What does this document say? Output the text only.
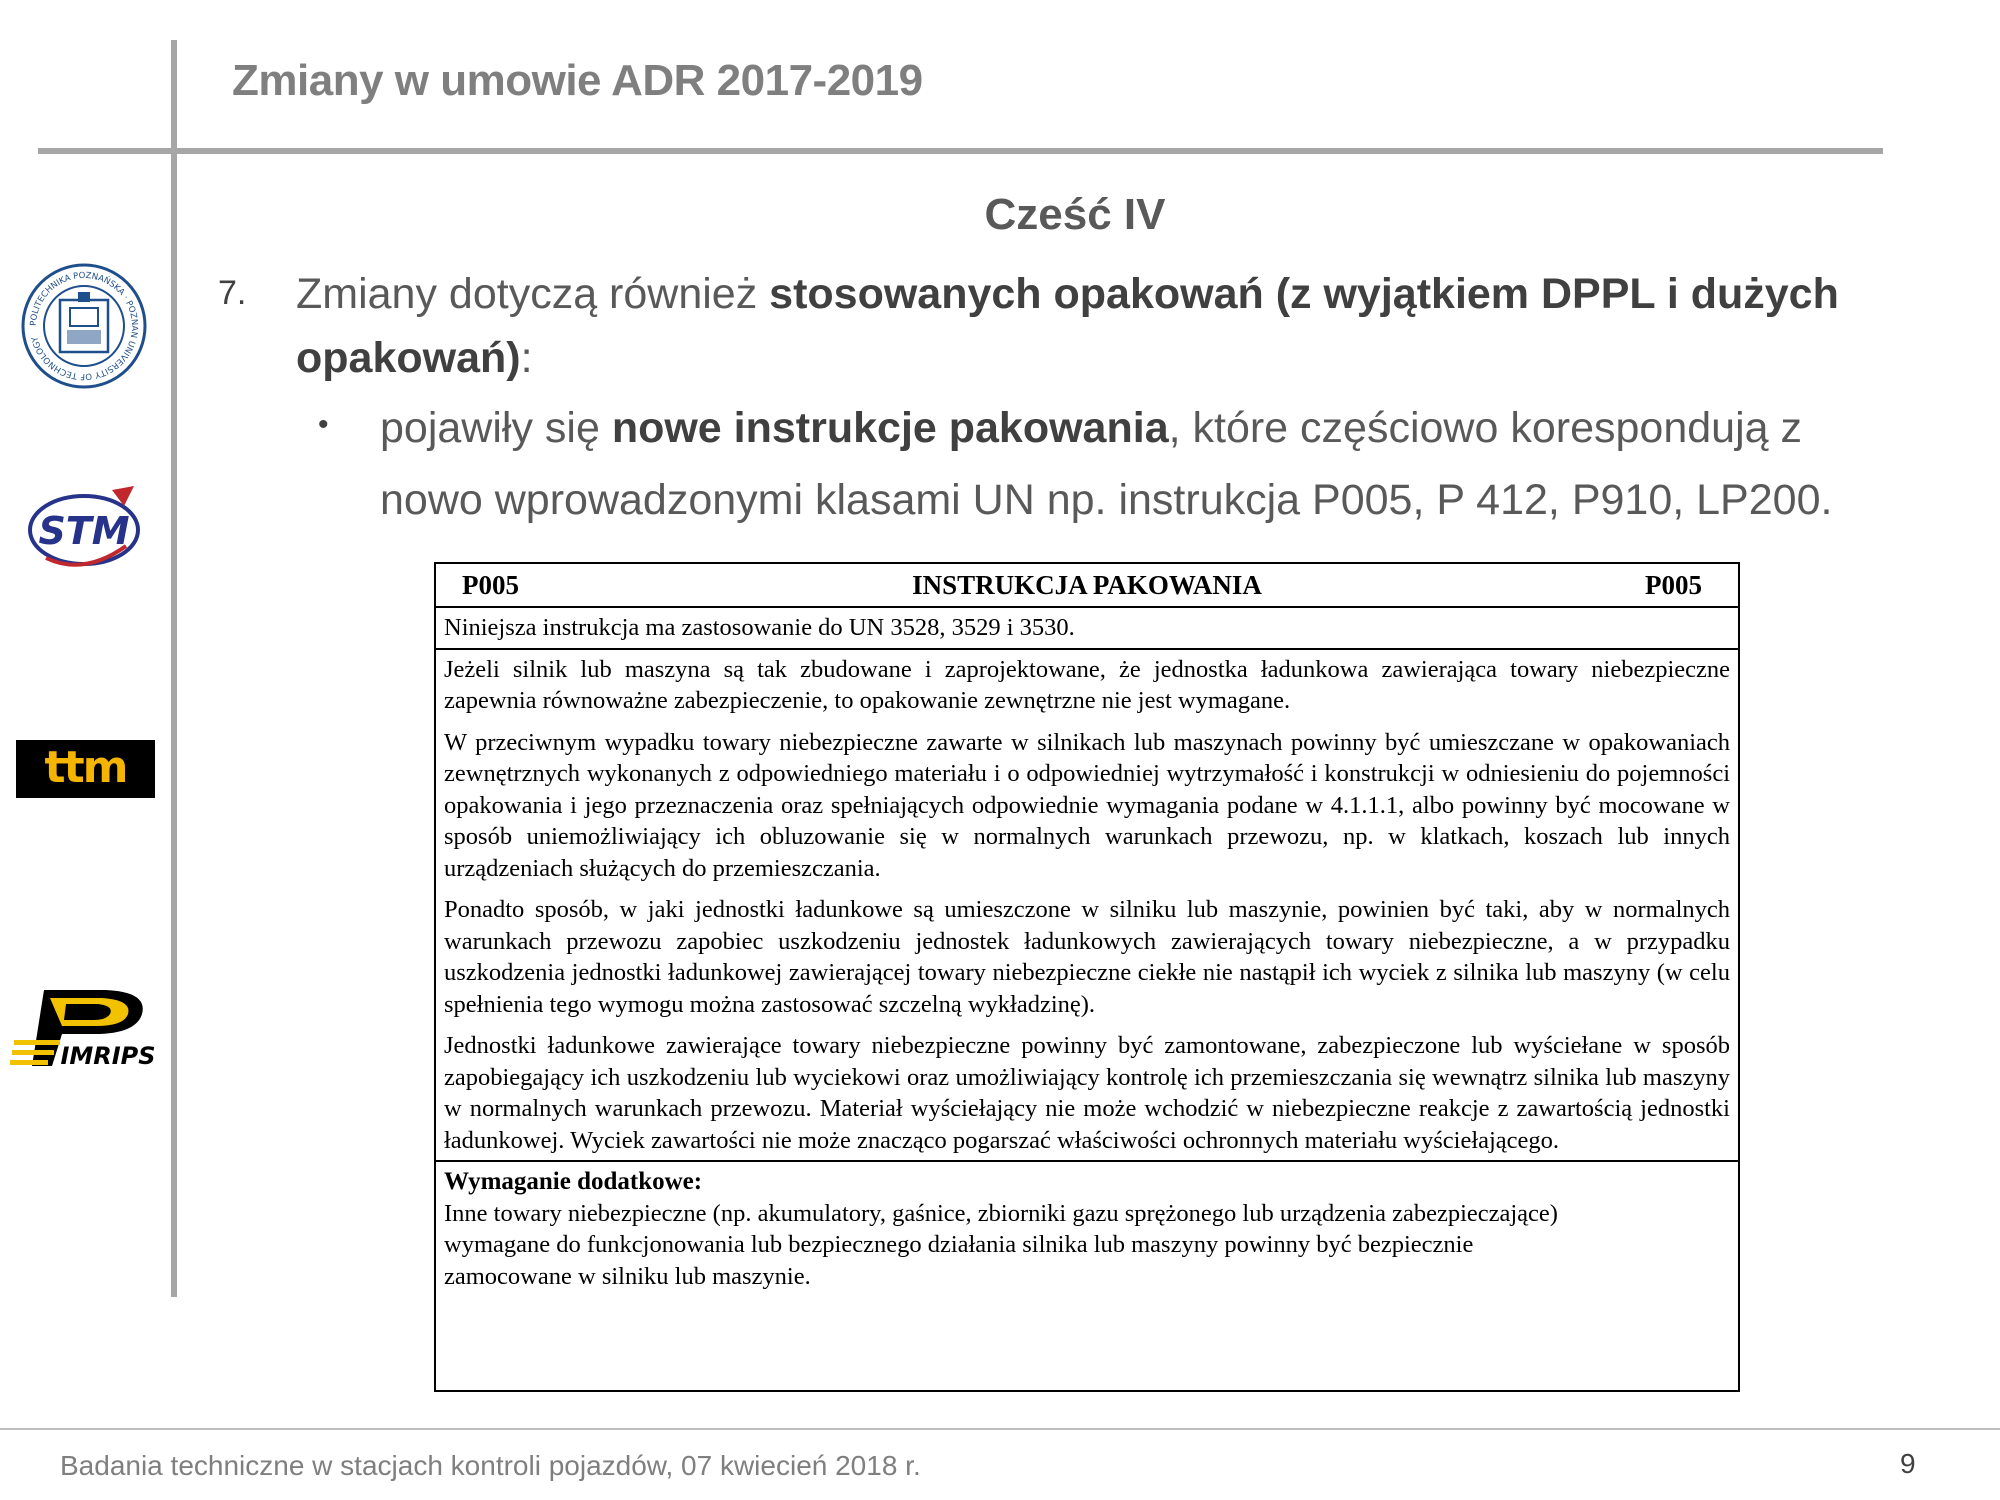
Zmiany w umowie ADR 2017-2019
Cześć IV
7. Zmiany dotyczą również stosowanych opakowań (z wyjątkiem DPPL i dużych opakowań):
• pojawiły się nowe instrukcje pakowania, które częściowo korespondują z nowo wprowadzonymi klasami UN np. instrukcja P005, P 412, P910, LP200.
POLITECHNIKA POZNAŃSKA · POZNAN UNIVERSITY OF TECHNOLOGY
STM
ttm
IMRIPS
P005	INSTRUKCJA PAKOWANIA	P005
Niniejsza instrukcja ma zastosowanie do UN 3528, 3529 i 3530.

Jeżeli silnik lub maszyna są tak zbudowane i zaprojektowane, że jednostka ładunkowa zawierająca towary niebezpieczne zapewnia równoważne zabezpieczenie, to opakowanie zewnętrzne nie jest wymagane.

W przeciwnym wypadku towary niebezpieczne zawarte w silnikach lub maszynach powinny być umieszczane w opakowaniach zewnętrznych wykonanych z odpowiedniego materiału i o odpowiedniej wytrzymałość i konstrukcji w odniesieniu do pojemności opakowania i jego przeznaczenia oraz spełniających odpowiednie wymagania podane w 4.1.1.1, albo powinny być mocowane w sposób uniemożliwiający ich obluzowanie się w normalnych warunkach przewozu, np. w klatkach, koszach lub innych urządzeniach służących do przemieszczania.

Ponadto sposób, w jaki jednostki ładunkowe są umieszczone w silniku lub maszynie, powinien być taki, aby w normalnych warunkach przewozu zapobiec uszkodzeniu jednostek ładunkowych zawierających towary niebezpieczne, a w przypadku uszkodzenia jednostki ładunkowej zawierającej towary niebezpieczne ciekłe nie nastąpił ich wyciek z silnika lub maszyny (w celu spełnienia tego wymogu można zastosować szczelną wykładzinę).

Jednostki ładunkowe zawierające towary niebezpieczne powinny być zamontowane, zabezpieczone lub wyściełane w sposób zapobiegający ich uszkodzeniu lub wyciekowi oraz umożliwiający kontrolę ich przemieszczania się wewnątrz silnika lub maszyny w normalnych warunkach przewozu. Materiał wyściełający nie może wchodzić w niebezpieczne reakcje z zawartością jednostki ładunkowej. Wyciek zawartości nie może znacząco pogarszać właściwości ochronnych materiału wyściełającego.

Wymaganie dodatkowe:
Inne towary niebezpieczne (np. akumulatory, gaśnice, zbiorniki gazu sprężonego lub urządzenia zabezpieczające)
wymagane do funkcjonowania lub bezpiecznego działania silnika lub maszyny powinny być bezpiecznie
zamocowane w silniku lub maszynie.
Badania techniczne w stacjach kontroli pojazdów, 07 kwiecień 2018 r.	9
